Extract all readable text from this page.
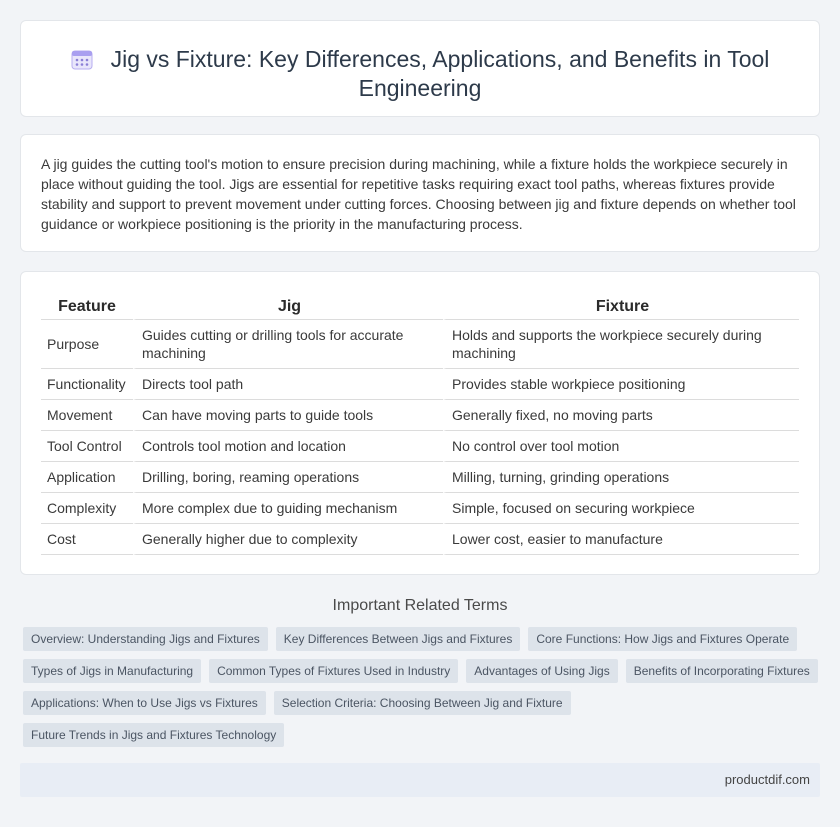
Jig vs Fixture: Key Differences, Applications, and Benefits in Tool Engineering

A jig guides the cutting tool's motion to ensure precision during machining, while a fixture holds the workpiece securely in place without guiding the tool. Jigs are essential for repetitive tasks requiring exact tool paths, whereas fixtures provide stability and support to prevent movement under cutting forces. Choosing between jig and fixture depends on whether tool guidance or workpiece positioning is the priority in the manufacturing process.

Feature	Jig	Fixture
Purpose	Guides cutting or drilling tools for accurate machining	Holds and supports the workpiece securely during machining
Functionality	Directs tool path	Provides stable workpiece positioning
Movement	Can have moving parts to guide tools	Generally fixed, no moving parts
Tool Control	Controls tool motion and location	No control over tool motion
Application	Drilling, boring, reaming operations	Milling, turning, grinding operations
Complexity	More complex due to guiding mechanism	Simple, focused on securing workpiece
Cost	Generally higher due to complexity	Lower cost, easier to manufacture
Important Related Terms
Overview: Understanding Jigs and Fixtures	Key Differences Between Jigs and Fixtures	Core Functions: How Jigs and Fixtures Operate
Types of Jigs in Manufacturing	Common Types of Fixtures Used in Industry	Advantages of Using Jigs	Benefits of Incorporating Fixtures
Applications: When to Use Jigs vs Fixtures	Selection Criteria: Choosing Between Jig and Fixture
Future Trends in Jigs and Fixtures Technology
productdif.com
